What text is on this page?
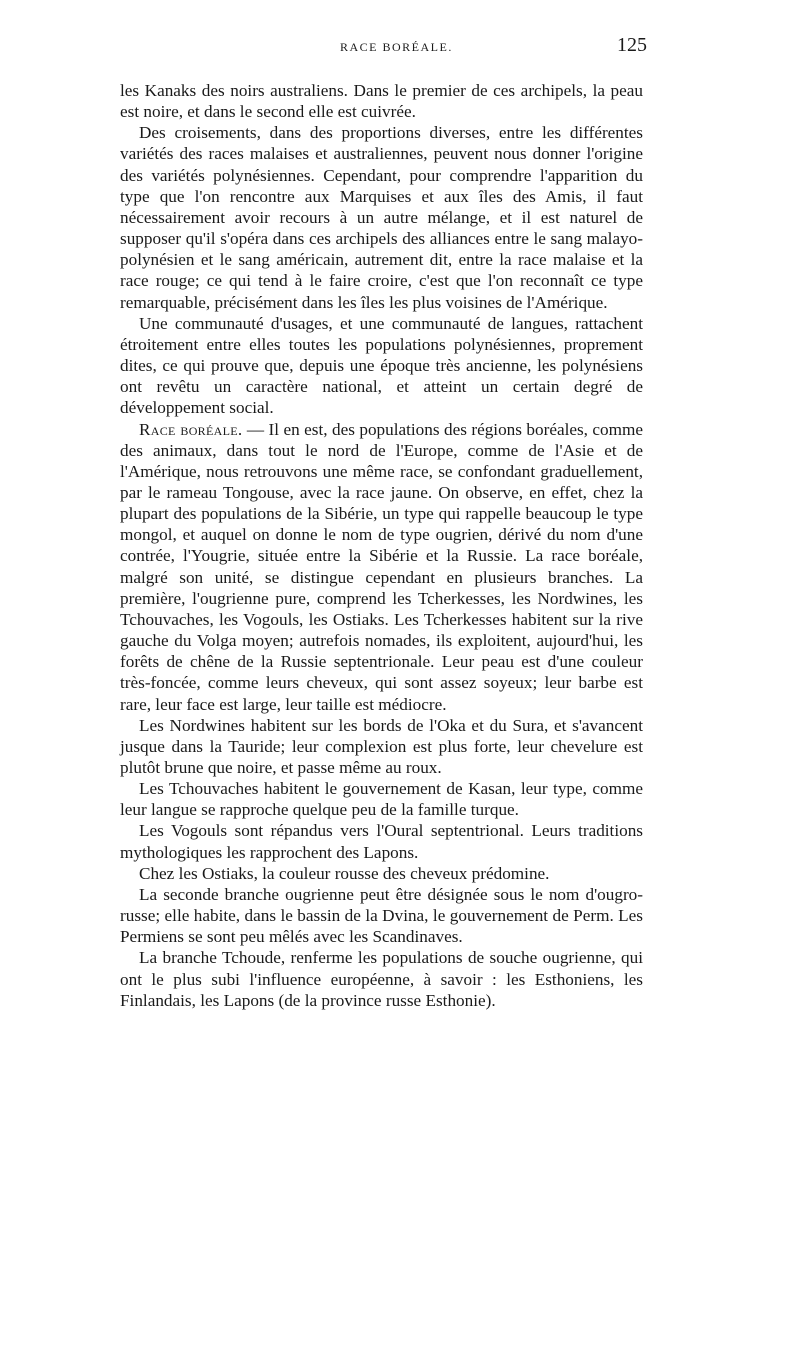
RACE BORÉALE.	125

les Kanaks des noirs australiens. Dans le premier de ces archipels, la peau est noire, et dans le second elle est cuivrée.

Des croisements, dans des proportions diverses, entre les différentes variétés des races malaises et australiennes, peuvent nous donner l'origine des variétés polynésiennes. Cependant, pour comprendre l'apparition du type que l'on rencontre aux Marquises et aux îles des Amis, il faut nécessairement avoir recours à un autre mélange, et il est naturel de supposer qu'il s'opéra dans ces archipels des alliances entre le sang malayo-polynésien et le sang américain, autrement dit, entre la race malaise et la race rouge; ce qui tend à le faire croire, c'est que l'on reconnaît ce type remarquable, précisément dans les îles les plus voisines de l'Amérique.

Une communauté d'usages, et une communauté de langues, rattachent étroitement entre elles toutes les populations polynésiennes, proprement dites, ce qui prouve que, depuis une époque très ancienne, les polynésiens ont revêtu un caractère national, et atteint un certain degré de développement social.

Race boréale. — Il en est, des populations des régions boréales, comme des animaux, dans tout le nord de l'Europe, comme de l'Asie et de l'Amérique, nous retrouvons une même race, se confondant graduellement, par le rameau Tongouse, avec la race jaune. On observe, en effet, chez la plupart des populations de la Sibérie, un type qui rappelle beaucoup le type mongol, et auquel on donne le nom de type ougrien, dérivé du nom d'une contrée, l'Yougrie, située entre la Sibérie et la Russie. La race boréale, malgré son unité, se distingue cependant en plusieurs branches. La première, l'ougrienne pure, comprend les Tcherkesses, les Nordwines, les Tchouvaches, les Vogouls, les Ostiaks. Les Tcherkesses habitent sur la rive gauche du Volga moyen; autrefois nomades, ils exploitent, aujourd'hui, les forêts de chêne de la Russie septentrionale. Leur peau est d'une couleur très-foncée, comme leurs cheveux, qui sont assez soyeux; leur barbe est rare, leur face est large, leur taille est médiocre.

Les Nordwines habitent sur les bords de l'Oka et du Sura, et s'avancent jusque dans la Tauride; leur complexion est plus forte, leur chevelure est plutôt brune que noire, et passe même au roux.

Les Tchouvaches habitent le gouvernement de Kasan, leur type, comme leur langue se rapproche quelque peu de la famille turque.

Les Vogouls sont répandus vers l'Oural septentrional. Leurs traditions mythologiques les rapprochent des Lapons.

Chez les Ostiaks, la couleur rousse des cheveux prédomine.

La seconde branche ougrienne peut être désignée sous le nom d'ougro-russe; elle habite, dans le bassin de la Dvina, le gouvernement de Perm. Les Permiens se sont peu mêlés avec les Scandinaves.

La branche Tchoude, renferme les populations de souche ougrienne, qui ont le plus subi l'influence européenne, à savoir : les Esthoniens, les Finlandais, les Lapons (de la province russe Esthonie).
